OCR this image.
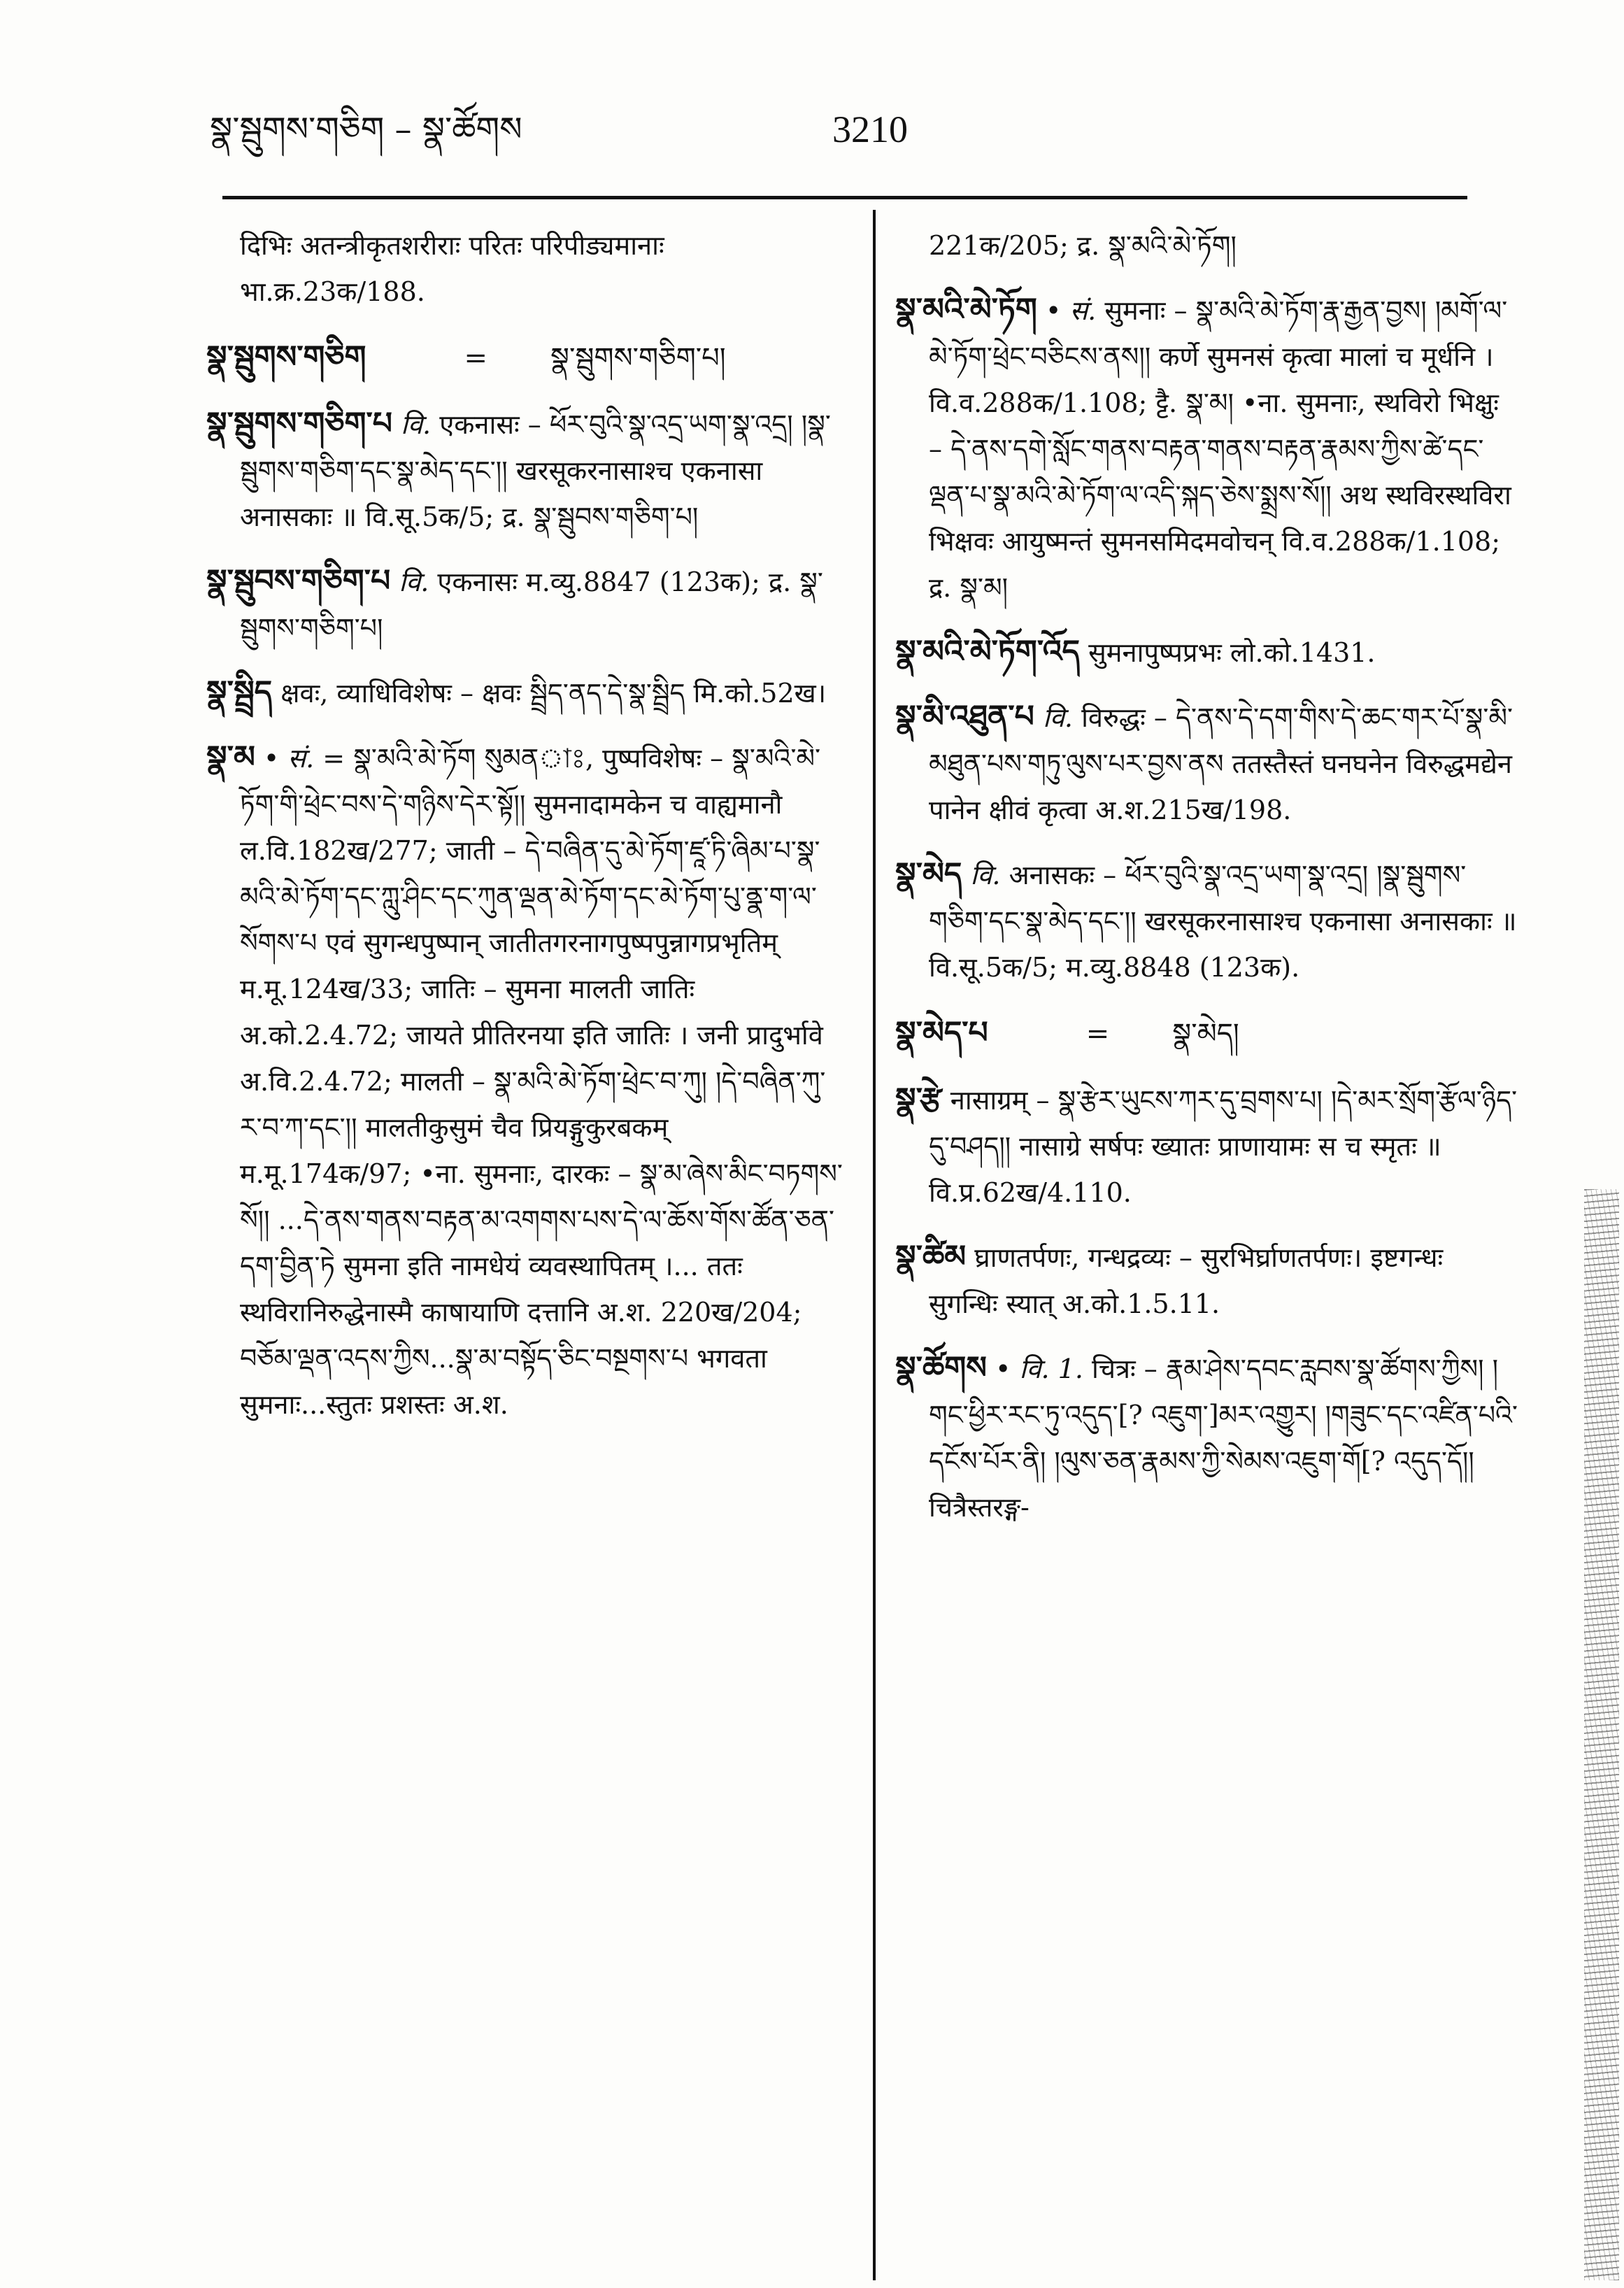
སྣ་སྦུགས་གཅིག – སྣ་ཚོགས	3210

दिभिः अतन्त्रीकृतशरीराः परितः परिपीड्यमानाः भा.क्र.23क/188.

སྣ་སྦུགས་གཅིག	= སྣ་སྦུགས་གཅིག་པ།

སྣ་སྦུགས་གཅིག་པ वि. एकनासः – ཕོར་བུའི་སྣ་འདྲ་ཡག་སྣ་འདྲ། །སྣ་སྦུགས་གཅིག་དང་སྣ་མེད་དང་།། खरसूकरनासाश्च एकनासा अनासकाः ॥ वि.सू.5क/5; द्र. སྣ་སྦུབས་གཅིག་པ།

སྣ་སྦུབས་གཅིག་པ वि. एकनासः म.व्यु.8847 (123क); द्र. སྣ་སྦུགས་གཅིག་པ།

སྣ་སྦྲིད क्षवः, व्याधिविशेषः – क्षवः སྦྲིད་ནད་དེ་སྣ་སྦྲིད मि.को.52ख।

སྣ་མ • सं. = སྣ་མའི་མེ་ཏོག སུམནাঃ, पुष्पविशेषः – སྣ་མའི་མེ་ཏོག་གི་ཕྲེང་བས་དེ་གཉིས་དེར་སྟོ།། सुमनादामकेन च वाह्यमानौ ल.वि.182ख/277; जाती – དེ་བཞིན་དུ་མེ་ཏོག་ཛཱ་ཏི་ཞིམ་པ་སྣ་མའི་མེ་ཏོག་དང་ཀླུ་ཤིང་དང་ཀུན་ལྡན་མེ་ཏོག་དང་མེ་ཏོག་པུ་ནྣ་ག་ལ་སོགས་པ एवं सुगन्धपुष्पान् जातीतगरनागपुष्पपुन्नागप्रभृतिम् म.मू.124ख/33; जातिः – सुमना मालती जातिः अ.को.2.4.72; जायते प्रीतिरनया इति जातिः । जनी प्रादुर्भावे अ.वि.2.4.72; मालती – སྣ་མའི་མེ་ཏོག་ཕྲེང་བ་ཀུ། །དེ་བཞིན་ཀུ་ར་བ་ཀ་དང་།། मालतीकुसुमं चैव प्रियङ्गुकुरबकम् म.मू.174क/97; •ना. सुमनाः, दारकः – སྣ་མ་ཞེས་མིང་བཏགས་སོ།། ...དེ་ནས་གནས་བརྟན་མ་འགགས་པས་དེ་ལ་ཆོས་གོས་ཚོན་ཅན་དག་བྱིན་ཏེ सुमना इति नामधेयं व्यवस्थापितम् ।... ततः स्थविरानिरुद्धेनास्मै काषायाणि दत्तानि अ.श. 220ख/204; བཅོམ་ལྡན་འདས་ཀྱིས...སྣ་མ་བསྟོད་ཅིང་བསྔགས་པ भगवता सुमनाः...स्तुतः प्रशस्तः अ.श.

221क/205; द्र. སྣ་མའི་མེ་ཏོག།

སྣ་མའི་མེ་ཏོག • सं. सुमनाः – སྣ་མའི་མེ་ཏོག་རྣ་རྒྱན་བྱས། །མགོ་ལ་མེ་ཏོག་ཕྲེང་བཅིངས་ནས།། कर्णे सुमनसं कृत्वा मालां च मूर्धनि । वि.व.288क/1.108; ट्टै. སྣ་མ། •ना. सुमनाः, स्थविरो भिक्षुः – དེ་ནས་དགེ་སློང་གནས་བརྟན་གནས་བརྟན་རྣམས་ཀྱིས་ཚེ་དང་ལྡན་པ་སྣ་མའི་མེ་ཏོག་ལ་འདི་སྐད་ཅེས་སྨྲས་སོ།། अथ स्थविरस्थविरा भिक्षवः आयुष्मन्तं सुमनसमिदमवोचन् वि.व.288क/1.108; द्र. སྣ་མ།

སྣ་མའི་མེ་ཏོག་འོད सुमनापुष्पप्रभः लो.को.1431.

སྣ་མི་འཐུན་པ वि. विरुद्धः – དེ་ནས་དེ་དག་གིས་དེ་ཆང་གར་པོ་སྣ་མི་མཐུན་པས་གཏུ་ལུས་པར་བྱས་ནས ततस्तैस्तं घनघनेन विरुद्धमद्येन पानेन क्षीवं कृत्वा अ.श.215ख/198.

སྣ་མེད वि. अनासकः – ཕོར་བུའི་སྣ་འདྲ་ཡག་སྣ་འདྲ། །སྣ་སྦུགས་གཅིག་དང་སྣ་མེད་དང་།། खरसूकरनासाश्च एकनासा अनासकाः ॥ वि.सू.5क/5; म.व्यु.8848 (123क).

སྣ་མེད་པ	= སྣ་མེད།

སྣ་རྩེ नासाग्रम् – སྣ་རྩེར་ཡུངས་ཀར་དུ་བྲགས་པ། །དེ་མར་སྲོག་རྩོལ་ཉིད་དུ་བཤད།། नासाग्रे सर्षपः ख्यातः प्राणायामः स च स्मृतः ॥ वि.प्र.62ख/4.110.

སྣ་ཚིམ घ्राणतर्पणः, गन्धद्रव्यः – सुरभिर्घ्राणतर्पणः। इष्टगन्धः सुगन्धिः स्यात् अ.को.1.5.11.

སྣ་ཚོགས • वि. 1. चित्रः – རྣམ་ཤེས་དབང་རླབས་སྣ་ཚོགས་ཀྱིས། །གང་ཕྱིར་རང་ཏུ་འདུད་[? འཇུག་]མར་འགྱུར། །གཟུང་དང་འཛིན་པའི་དངོས་པོར་ནི། །ལུས་ཅན་རྣམས་ཀྱི་སེམས་འཇུག་གོ[? འདུད་དོ།། चित्रैस्तरङ्ग-
